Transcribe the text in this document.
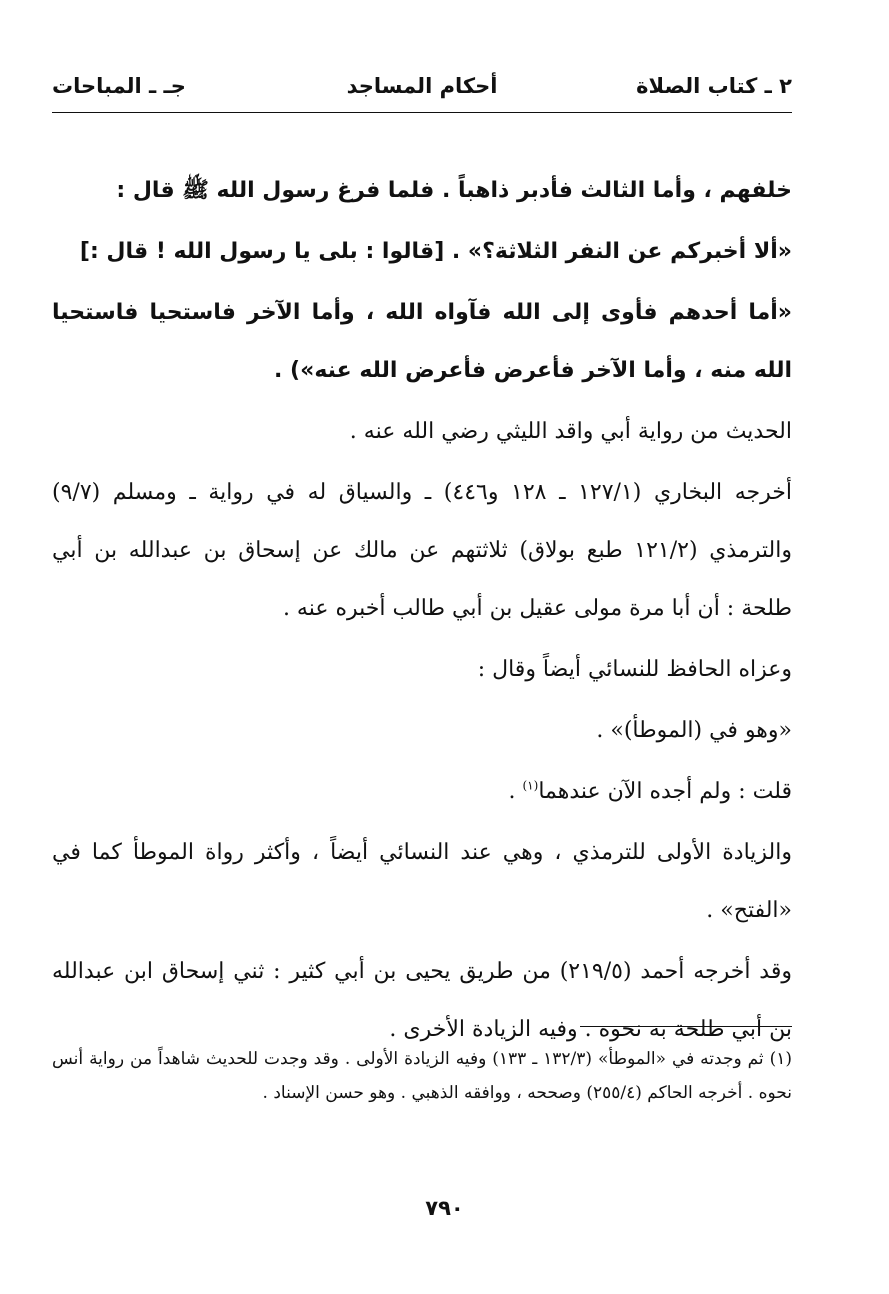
٢ ـ كتاب الصلاة
أحكام المساجد
جـ ـ المباحات

خلفهم ، وأما الثالث فأدبر ذاهباً . فلما فرغ رسول الله ﷺ قال :

«ألا أخبركم عن النفر الثلاثة؟» . [قالوا : بلى يا رسول الله ! قال :]

«أما أحدهم فأوى إلى الله فآواه الله ، وأما الآخر فاستحيا فاستحيا الله منه ، وأما الآخر فأعرض فأعرض الله عنه») .

الحديث من رواية أبي واقد الليثي رضي الله عنه .

أخرجه البخاري (١٢٧/١ ـ ١٢٨ و٤٤٦) ـ والسياق له في رواية ـ ومسلم (٩/٧) والترمذي (١٢١/٢ طبع بولاق) ثلاثتهم عن مالك عن إسحاق بن عبدالله بن أبي طلحة : أن أبا مرة مولى عقيل بن أبي طالب أخبره عنه .

وعزاه الحافظ للنسائي أيضاً وقال :

«وهو في (الموطأ)» .

قلت : ولم أجده الآن عندهما$^{(١)}$ .

والزيادة الأولى للترمذي ، وهي عند النسائي أيضاً ، وأكثر رواة الموطأ كما في «الفتح» .

وقد أخرجه أحمد (٢١٩/٥) من طريق يحيى بن أبي كثير : ثني إسحاق ابن عبدالله بن أبي طلحة به نحوه . وفيه الزيادة الأخرى .

(١) ثم وجدته في «الموطأ» (١٣٢/٣ ـ ١٣٣) وفيه الزيادة الأولى . وقد وجدت للحديث شاهداً من رواية أنس نحوه . أخرجه الحاكم (٢٥٥/٤) وصححه ، ووافقه الذهبي . وهو حسن الإسناد .

٧٩٠
